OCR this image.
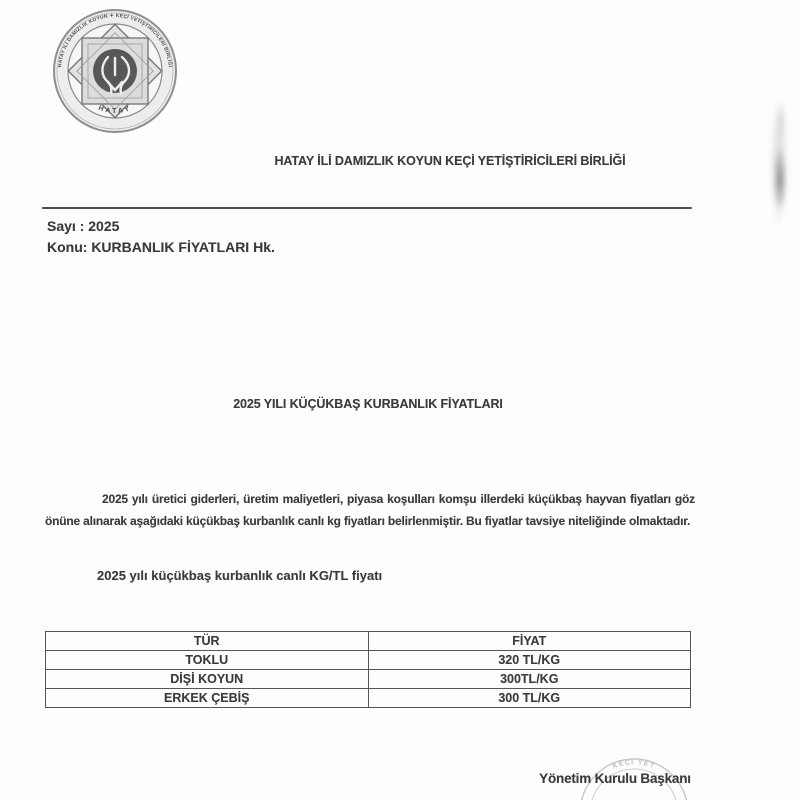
HATAY İLİ DAMIZLIK KOYUN ✦ KEÇİ YETİŞTİRİCİLERİ BİRLİĞİ
HATAY
HATAY İLİ DAMIZLIK KOYUN KEÇİ YETİŞTİRİCİLERİ BİRLİĞİ
Sayı : 2025
Konu: KURBANLIK FİYATLARI Hk.
2025 YILI KÜÇÜKBAŞ KURBANLIK FİYATLARI
2025 yılı üretici giderleri, üretim maliyetleri, piyasa koşulları komşu illerdeki küçükbaş hayvan fiyatları göz önüne alınarak aşağıdaki küçükbaş kurbanlık canlı kg fiyatları belirlenmiştir. Bu fiyatlar tavsiye niteliğinde olmaktadır.
2025 yılı küçükbaş kurbanlık canlı KG/TL fiyatı
TÜR	FİYAT
TOKLU	320 TL/KG
DİŞİ KOYUN	300TL/KG
ERKEK ÇEBİŞ	300 TL/KG
KEÇİ YET
Yönetim Kurulu Başkanı
